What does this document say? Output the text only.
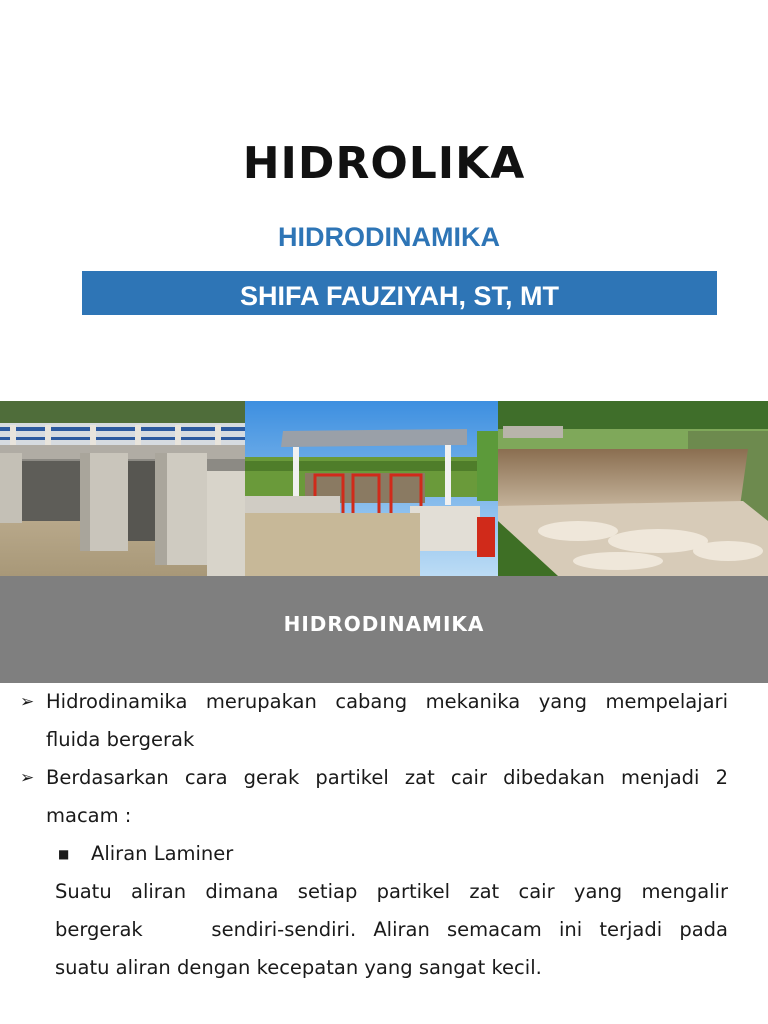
HIDROLIKA
HIDRODINAMIKA
SHIFA FAUZIYAH, ST, MT
HIDRODINAMIKA
➢ Hidrodinamika merupakan cabang mekanika yang mempelajari
fluida bergerak
➢ Berdasarkan cara gerak partikel zat cair dibedakan menjadi 2
macam :
■ Aliran Laminer
Suatu aliran dimana setiap partikel zat cair yang mengalir
bergerak    sendiri-sendiri. Aliran semacam ini terjadi pada
suatu aliran dengan kecepatan yang sangat kecil.
